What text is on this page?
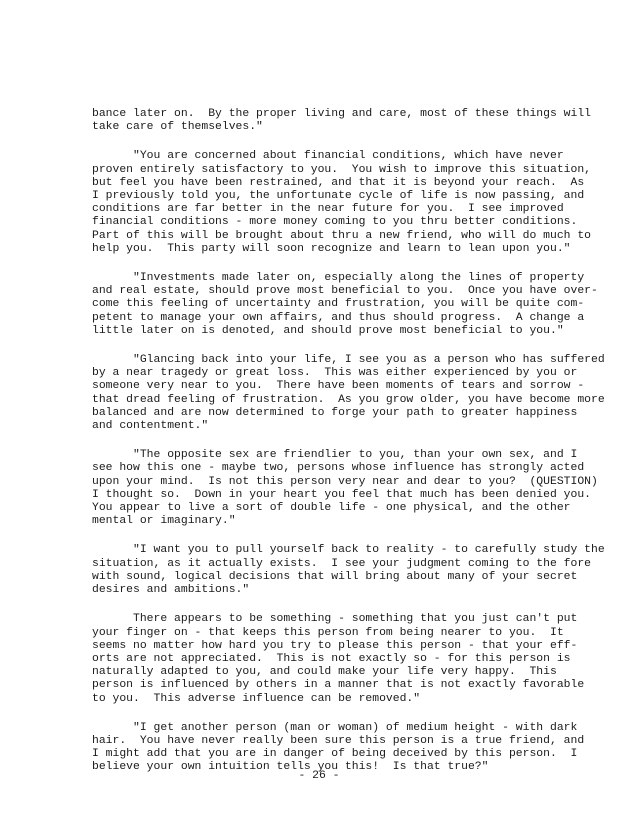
bance later on.  By the proper living and care, most of these things will
take care of themselves."

"You are concerned about financial conditions, which have never
proven entirely satisfactory to you.  You wish to improve this situation,
but feel you have been restrained, and that it is beyond your reach.  As
I previously told you, the unfortunate cycle of life is now passing, and
conditions are far better in the near future for you.  I see improved
financial conditions - more money coming to you thru better conditions.
Part of this will be brought about thru a new friend, who will do much to
help you.  This party will soon recognize and learn to lean upon you."

"Investments made later on, especially along the lines of property
and real estate, should prove most beneficial to you.  Once you have over-
come this feeling of uncertainty and frustration, you will be quite com-
petent to manage your own affairs, and thus should progress.  A change a
little later on is denoted, and should prove most beneficial to you."

"Glancing back into your life, I see you as a person who has suffered
by a near tragedy or great loss.  This was either experienced by you or
someone very near to you.  There have been moments of tears and sorrow -
that dread feeling of frustration.  As you grow older, you have become more
balanced and are now determined to forge your path to greater happiness
and contentment."

"The opposite sex are friendlier to you, than your own sex, and I
see how this one - maybe two, persons whose influence has strongly acted
upon your mind.  Is not this person very near and dear to you?  (QUESTION)
I thought so.  Down in your heart you feel that much has been denied you.
You appear to live a sort of double life - one physical, and the other
mental or imaginary."

"I want you to pull yourself back to reality - to carefully study the
situation, as it actually exists.  I see your judgment coming to the fore
with sound, logical decisions that will bring about many of your secret
desires and ambitions."

There appears to be something - something that you just can't put
your finger on - that keeps this person from being nearer to you.  It
seems no matter how hard you try to please this person - that your eff-
orts are not appreciated.  This is not exactly so - for this person is
naturally adapted to you, and could make your life very happy.  This
person is influenced by others in a manner that is not exactly favorable
to you.  This adverse influence can be removed."

"I get another person (man or woman) of medium height - with dark
hair.  You have never really been sure this person is a true friend, and
I might add that you are in danger of being deceived by this person.  I
believe your own intuition tells you this!  Is that true?"

- 26 -
